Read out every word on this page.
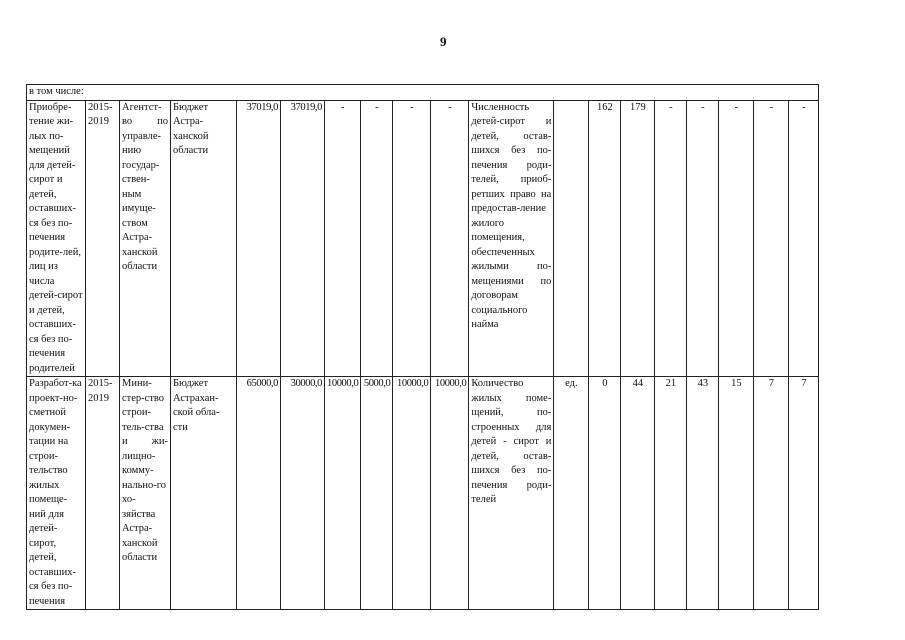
9
в том числе:																		
Приобре-тение жи-лых по-мещений для детей-сирот и детей, оставших-ся без по-печения родите-лей, лиц из числа детей-сирот и детей, оставших-ся без по-печения родителей	2015-2019	Агентст-во по управле-нию государ-ствен-ным имуще-ством Астра-ханской области	Бюджет Астра-ханской области	37019,0	37019,0	-	-	-	-	Численность детей-сирот и детей, остав-шихся без по-печения роди-телей, приоб-ретших право на предостав-ление жилого помещения, обеспеченных жилыми по-мещениями по договорам социального найма		162	179	-	-	-	-	-
Разработ-ка проект-но-сметной докумен-тации на строи-тельство жилых помеще-ний для детей-сирот, детей, оставших-ся без по-печения	2015-2019	Мини-стер-ство строи-тель-ства и жи-лищно-комму-нально-го хо-зяйства Астра-ханской области	Бюджет Астрахан-ской обла-сти	65000,0	30000,0	10000,0	5000,0	10000,0	10000,0	Количество жилых поме-щений, по-строенных для детей - сирот и детей, остав-шихся без по-печения роди-телей	ед.	0	44	21	43	15	7	7
